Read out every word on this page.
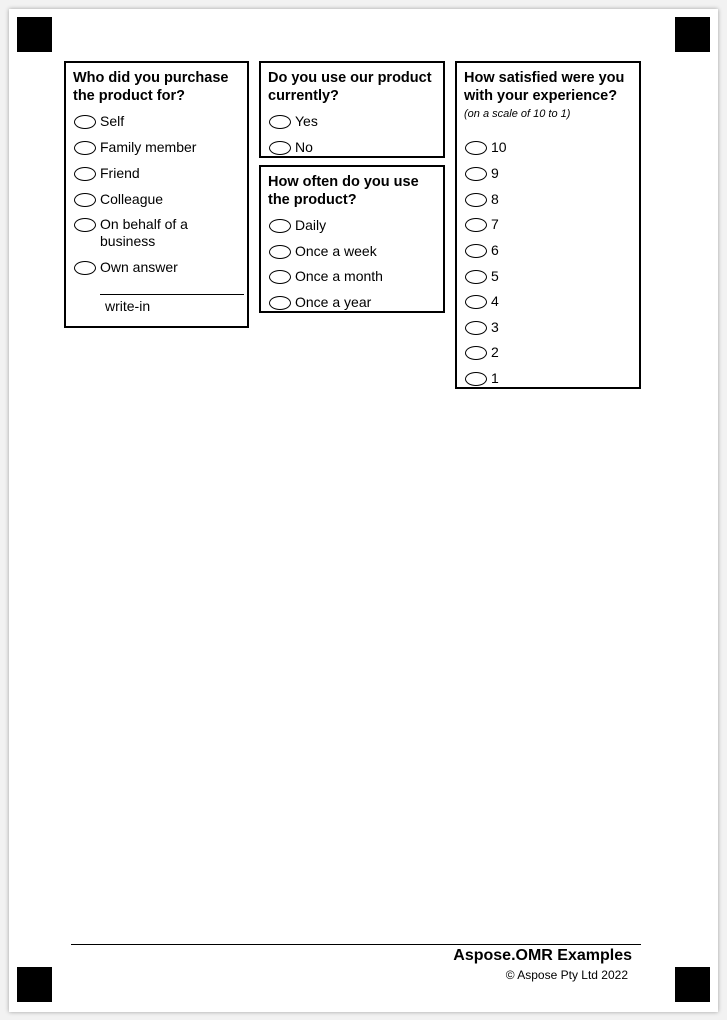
Who did you purchase the product for?
Self
Family member
Friend
Colleague
On behalf of a business
Own answer
write-in
Do you use our product currently?
Yes
No
How often do you use the product?
Daily
Once a week
Once a month
Once a year
How satisfied were you with your experience?
(on a scale of 10 to 1)
10
9
8
7
6
5
4
3
2
1
Aspose.OMR Examples
© Aspose Pty Ltd 2022
